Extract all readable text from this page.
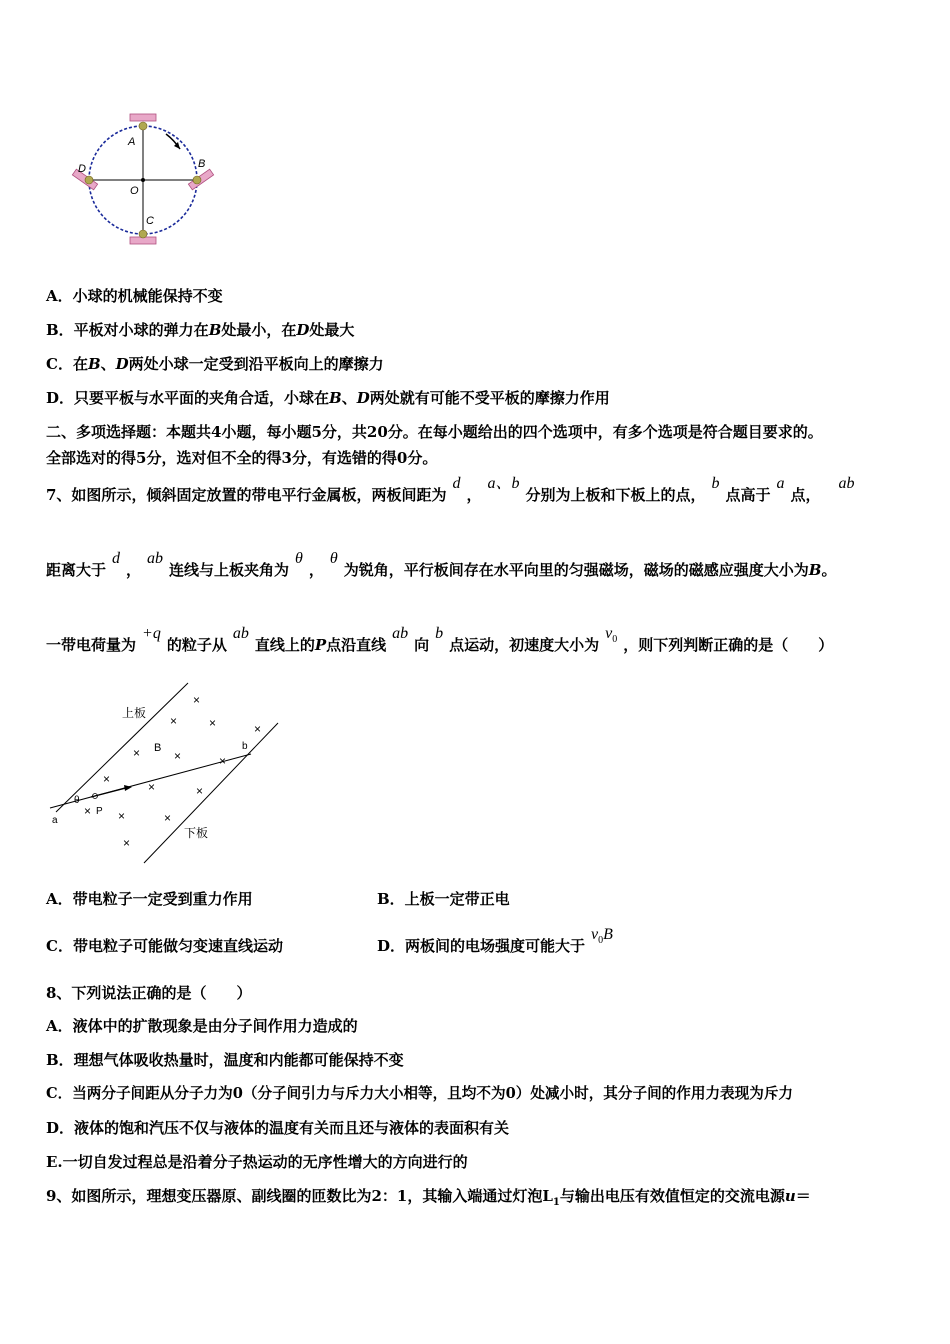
A
B
C
D
O
A．小球的机械能保持不变
B．平板对小球的弹力在B处最小，在D处最大
C．在B、D两处小球一定受到沿平板向上的摩擦力
D．只要平板与水平面的夹角合适，小球在B、D两处就有可能不受平板的摩擦力作用
二、多项选择题：本题共4小题，每小题5分，共20分。在每小题给出的四个选项中，有多个选项是符合题目要求的。
全部选对的得5分，选对但不全的得3分，有选错的得0分。
7、如图所示，倾斜固定放置的带电平行金属板，两板间距为d，a、b分别为上板和下板上的点，b点高于a点，ab
距离大于d，ab连线与上板夹角为θ，θ为锐角，平行板间存在水平向里的匀强磁场，磁场的磁感应强度大小为B。
一带电荷量为+q的粒子从ab直线上的P点沿直线ab向b点运动，初速度大小为$v_0$ ，则下列判断正确的是（　　）
上板
下板
B
a
b
θ
P
×
×	×	×
×	×	×
×
×	×
× ×	×
×
A．带电粒子一定受到重力作用	B．上板一定带正电
C．带电粒子可能做匀变速直线运动	D．两板间的电场强度可能大于$v_0B$
8、下列说法正确的是（　　）
A．液体中的扩散现象是由分子间作用力造成的
B．理想气体吸收热量时，温度和内能都可能保持不变
C．当两分子间距从分子力为0（分子间引力与斥力大小相等，且均不为0）处减小时，其分子间的作用力表现为斥力
D．液体的饱和汽压不仅与液体的温度有关而且还与液体的表面积有关
E.一切自发过程总是沿着分子热运动的无序性增大的方向进行的
9、如图所示，理想变压器原、副线圈的匝数比为2：1，其输入端通过灯泡$L_1$与输出电压有效值恒定的交流电源u＝
